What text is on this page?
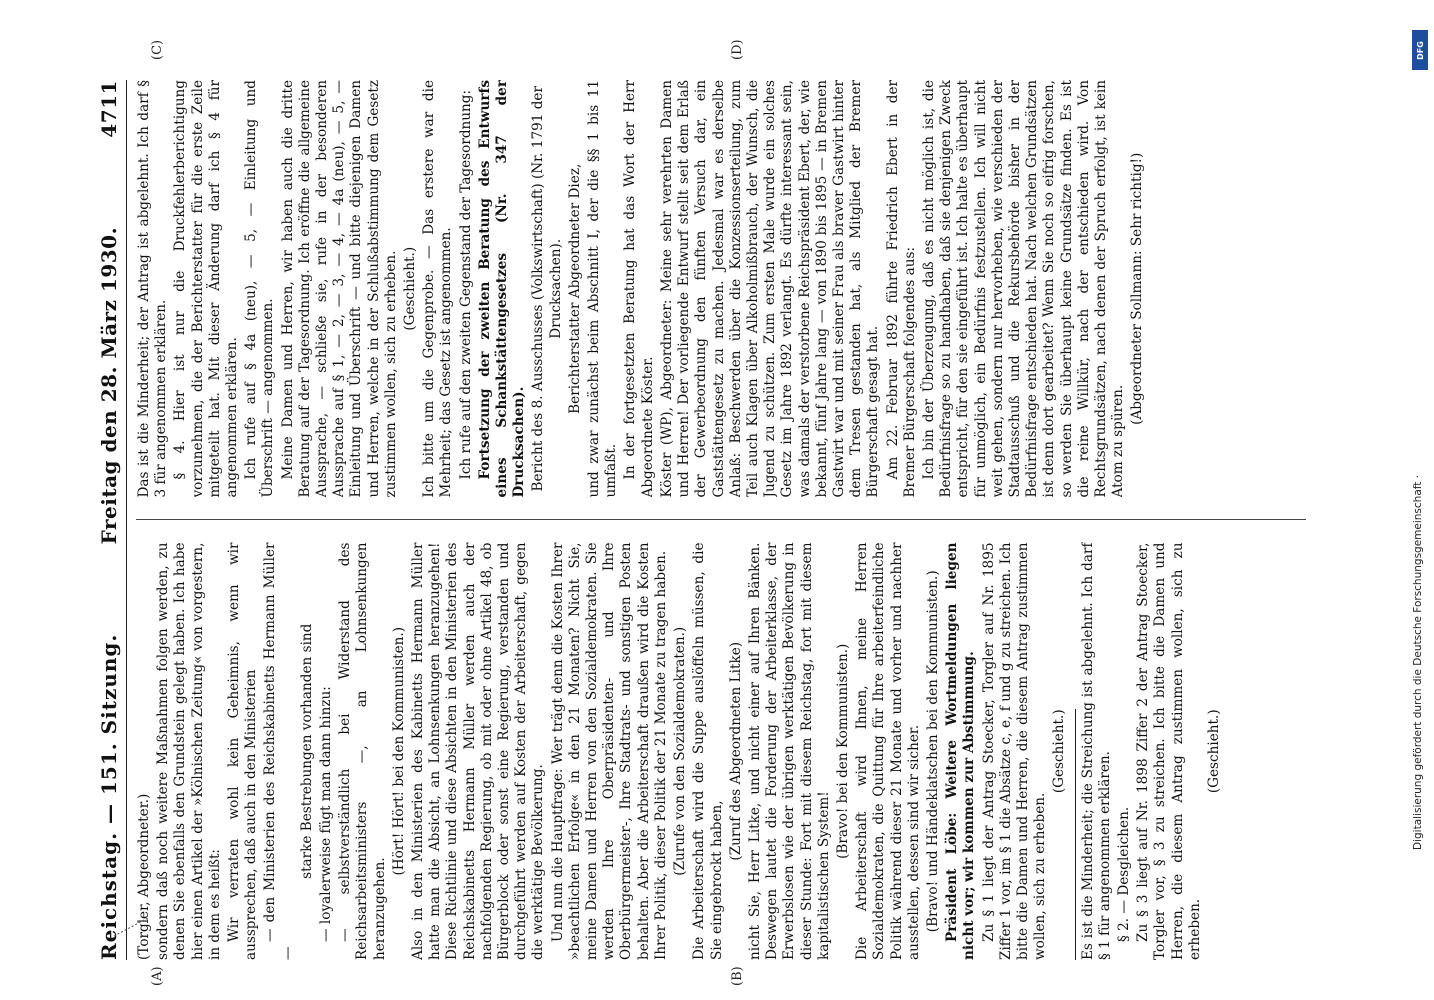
Reichstag. — 151. Sitzung.
Freitag den 28. März 1930.
4711

(Torgler, Abgeordneter.) sondern daß noch weitere Maßnahmen folgen werden, zu denen Sie ebenfalls den Grundstein gelegt haben. Ich habe hier einen Artikel der »Kölnischen Zeitung« von vorgestern, in dem es heißt: Wir verraten wohl kein Geheimnis, wenn wir aussprechen, daß auch in den Ministerien — den Ministerien des Reichskabinetts Hermann Müller —

starke Bestrebungen vorhanden sind — loyalerweise fügt man dann hinzu: — selbstverständlich bei Widerstand des Reichsarbeitsministers —, an Lohnsenkungen heranzugehen.

(Hört! Hört! bei den Kommunisten.) Also in den Ministerien des Kabinetts Hermann Müller hatte man die Absicht, an Lohnsenkungen heranzugehen! Diese Richtlinie und diese Absichten in den Ministerien des Reichskabinetts Hermann Müller werden auch der nachfolgenden Regierung, ob mit oder ohne Artikel 48, ob Bürgerblock oder sonst eine Regierung, verstanden und durchgeführt werden auf Kosten der Arbeiterschaft, gegen die werktätige Bevölkerung. Und nun die Hauptfrage: Wer trägt denn die Kosten Ihrer »beachtlichen Erfolge« in den 21 Monaten? Nicht Sie, meine Damen und Herren von den Sozialdemokraten. Sie werden Ihre Oberpräsidenten- und Ihre Oberbürgermeister-, Ihre Stadtrats- und sonstigen Posten behalten. Aber die Arbeiterschaft draußen wird die Kosten Ihrer Politik, dieser Politik der 21 Monate zu tragen haben. (Zurufe von den Sozialdemokraten.) Die Arbeiterschaft wird die Suppe auslöffeln müssen, die Sie eingebrockt haben,

(Zuruf des Abgeordneten Litke) nicht Sie, Herr Litke, und nicht einer auf Ihren Bänken. Deswegen lautet die Forderung der Arbeiterklasse, der Erwerbslosen wie der übrigen werktätigen Bevölkerung in dieser Stunde: Fort mit diesem Reichstag, fort mit diesem kapitalistischen System!

(Bravo! bei den Kommunisten.) Die Arbeiterschaft wird Ihnen, meine Herren Sozialdemokraten, die Quittung für Ihre arbeiterfeindliche Politik während dieser 21 Monate und vorher und nachher ausstellen, dessen sind wir sicher. (Bravo! und Händeklatschen bei den Kommunisten.) Präsident Löbe: Weitere Wortmeldungen liegen nicht vor; wir kommen zur Abstimmung. Zu § 1 liegt der Antrag Stoecker, Torgler auf Nr. 1895 Ziffer 1 vor, im § 1 die Absätze c, e, f und g zu streichen. Ich bitte die Damen und Herren, die diesem Antrag zustimmen wollen, sich zu erheben.

(Geschieht.) Es ist die Minderheit; die Streichung ist abgelehnt. Ich darf § 1 für angenommen erklären. § 2. — Desgleichen. Zu § 3 liegt auf Nr. 1898 Ziffer 2 der Antrag Stoecker, Torgler vor, § 3 zu streichen. Ich bitte die Damen und Herren, die diesem Antrag zustimmen wollen, sich zu erheben.

(Geschieht.)

Das ist die Minderheit; der Antrag ist abgelehnt. Ich darf § 3 für angenommen erklären. § 4. Hier ist nur die Druckfehlerberichtigung vorzunehmen, die der Berichterstatter für die erste Zeile mitgeteilt hat. Mit dieser Änderung darf ich § 4 für angenommen erklären. Ich rufe auf § 4a (neu), — 5, — Einleitung und Überschrift — angenommen. Meine Damen und Herren, wir haben auch die dritte Beratung auf der Tagesordnung. Ich eröffne die allgemeine Aussprache, — schließe sie, rufe in der besonderen Aussprache auf § 1, — 2, — 3, — 4, — 4a (neu), — 5, — Einleitung und Überschrift — und bitte diejenigen Damen und Herren, welche in der Schlußabstimmung dem Gesetz zustimmen wollen, sich zu erheben. (Geschieht.) Ich bitte um die Gegenprobe. — Das erstere war die Mehrheit; das Gesetz ist angenommen. Ich rufe auf den zweiten Gegenstand der Tagesordnung: Fortsetzung der zweiten Beratung des Entwurfs eines Schankstättengesetzes (Nr. 347 der Drucksachen). Bericht des 8. Ausschusses (Volkswirtschaft) (Nr. 1791 der Drucksachen). Berichterstatter Abgeordneter Diez, und zwar zunächst beim Abschnitt I, der die §§ 1 bis 11 umfaßt. In der fortgesetzten Beratung hat das Wort der Herr Abgeordnete Köster. Köster (WP), Abgeordneter: Meine sehr verehrten Damen und Herren! Der vorliegende Entwurf stellt seit dem Erlaß der Gewerbeordnung den fünften Versuch dar, ein Gaststättengesetz zu machen. Jedesmal war es derselbe Anlaß: Beschwerden über die Konzessionserteilung, zum Teil auch Klagen über Alkoholmißbrauch, der Wunsch, die Jugend zu schützen. Zum ersten Male wurde ein solches Gesetz im Jahre 1892 verlangt. Es dürfte interessant sein, was damals der verstorbene Reichspräsident Ebert, der, wie bekannt, fünf Jahre lang — von 1890 bis 1895 — in Bremen Gastwirt war und mit seiner Frau als braver Gastwirt hinter dem Tresen gestanden hat, als Mitglied der Bremer Bürgerschaft gesagt hat. Am 22. Februar 1892 führte Friedrich Ebert in der Bremer Bürgerschaft folgendes aus: Ich bin der Überzeugung, daß es nicht möglich ist, die Bedürfnisfrage so zu handhaben, daß sie denjenigen Zweck entspricht, für den sie eingeführt ist. Ich halte es überhaupt für unmöglich, ein Bedürfnis festzustellen. Ich will nicht weit gehen, sondern nur hervorheben, wie verschieden der Stadtausschuß und die Rekursbehörde bisher in der Bedürfnisfrage entschieden hat. Nach welchen Grundsätzen ist denn dort gearbeitet? Wenn Sie noch so eifrig forschen, so werden Sie überhaupt keine Grundsätze finden. Es ist die reine Willkür, nach der entschieden wird. Von Rechtsgrundsätzen, nach denen der Spruch erfolgt, ist kein Atom zu spüren.

(Abgeordneter Sollmann: Sehr richtig!)

(A)	(B)
(C)	(D)	DFG
Digitalisierung gefördert durch die Deutsche Forschungsgemeinschaft ·
